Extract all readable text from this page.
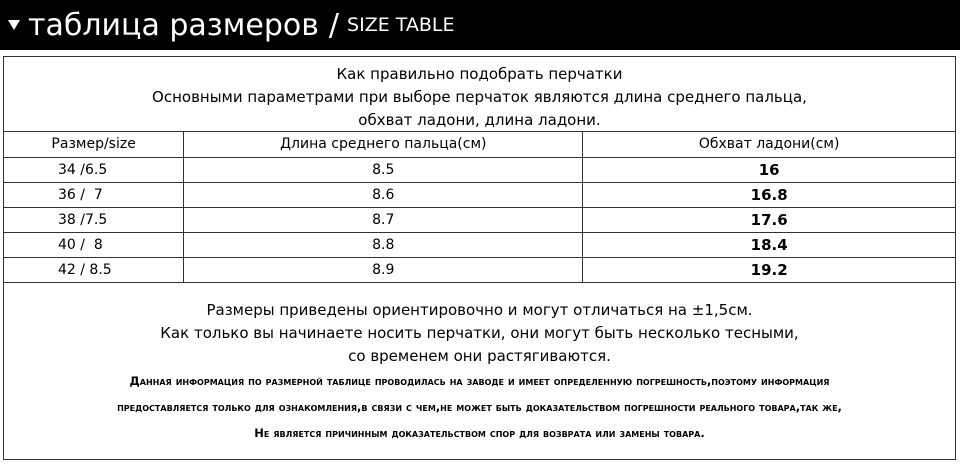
таблица размеров / SIZE TABLE
Как правильно подобрать перчатки
Основными параметрами при выборе перчаток являются длина среднего пальца,
обхват ладони, длина ладони.
Размер/size	Длина среднего пальца(см)	Обхват ладони(см)
34 /6.5	8.5	16
36 /  7	8.6	16.8
38 /7.5	8.7	17.6
40 /  8	8.8	18.4
42 / 8.5	8.9	19.2
Размеры приведены ориентировочно и могут отличаться на ±1,5см.
Как только вы начинаете носить перчатки, они могут быть несколько тесными,
со временем они растягиваются.
Данная информация по размерной таблице проводилась на заводе и имеет определенную погрешность,поэтому информация
предоставляется только для ознакомления,в связи с чем,не может быть доказательством погрешности реального товара,так же,
Не является причинным доказательством спор для возврата или замены товара.
